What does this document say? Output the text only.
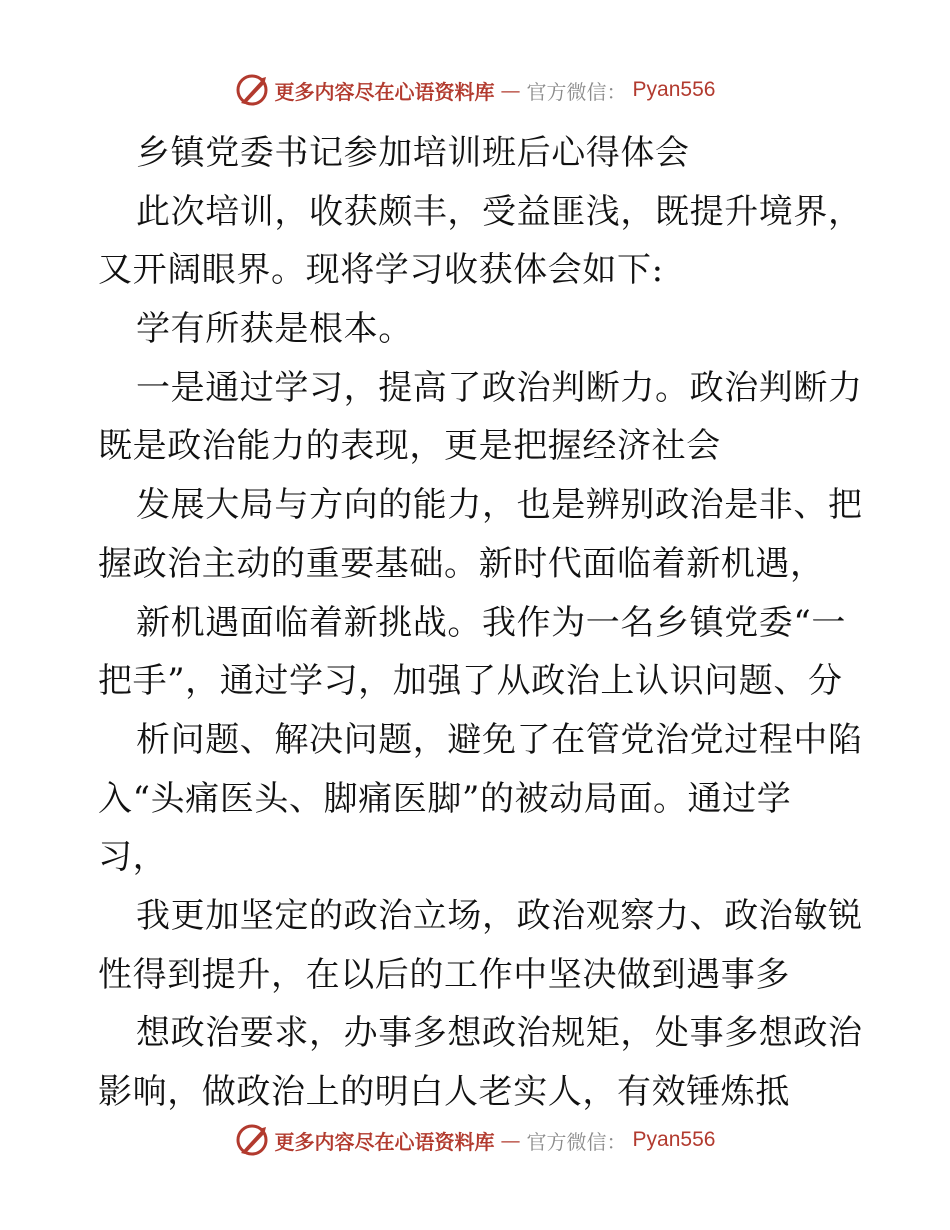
更多内容尽在心语资料库 — 官方微信： Pyan556
乡镇党委书记参加培训班后心得体会
此次培训，收获颇丰，受益匪浅，既提升境界，
又开阔眼界。现将学习收获体会如下:
学有所获是根本。
一是通过学习，提高了政治判断力。政治判断力
既是政治能力的表现，更是把握经济社会
发展大局与方向的能力，也是辨别政治是非、把
握政治主动的重要基础。新时代面临着新机遇，
新机遇面临着新挑战。我作为一名乡镇党委“一
把手”，通过学习，加强了从政治上认识问题、分
析问题、解决问题，避免了在管党治党过程中陷
入“头痛医头、脚痛医脚”的被动局面。通过学
习，
我更加坚定的政治立场，政治观察力、政治敏锐
性得到提升，在以后的工作中坚决做到遇事多
想政治要求，办事多想政治规矩，处事多想政治
影响，做政治上的明白人老实人，有效锤炼抵
更多内容尽在心语资料库 — 官方微信： Pyan556
